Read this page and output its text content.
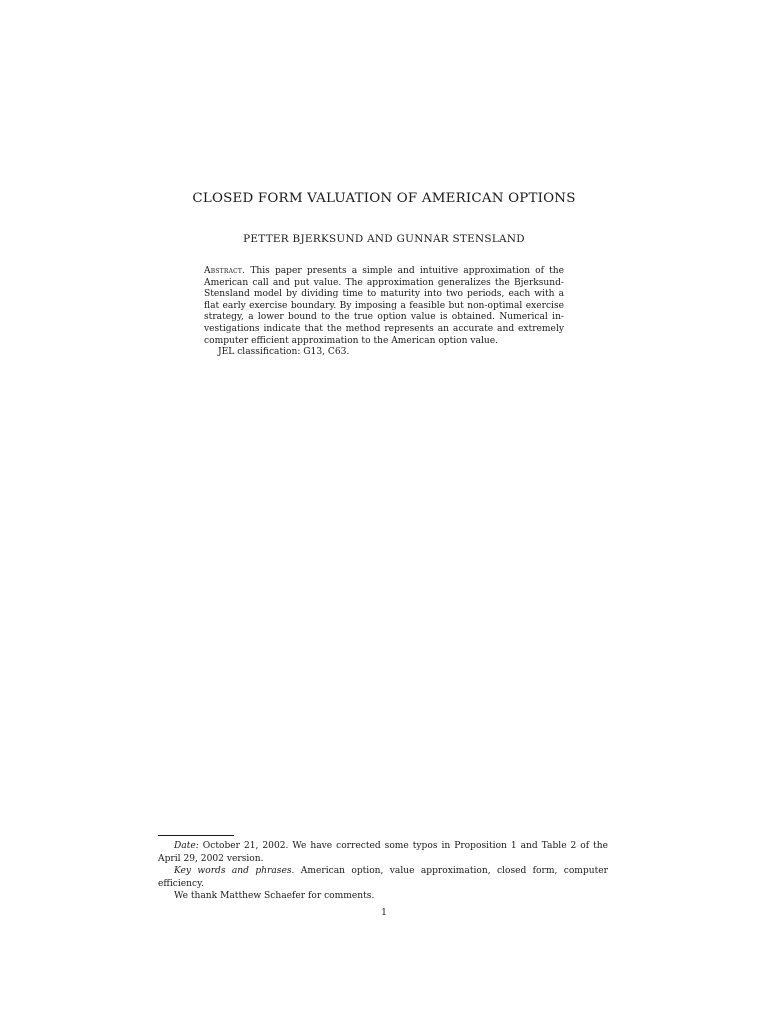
CLOSED FORM VALUATION OF AMERICAN OPTIONS

PETTER BJERKSUND AND GUNNAR STENSLAND

Abstract. This paper presents a simple and intuitive approximation of the
American call and put value. The approximation generalizes the Bjerksund-
Stensland model by dividing time to maturity into two periods, each with a
flat early exercise boundary. By imposing a feasible but non-optimal exercise
strategy, a lower bound to the true option value is obtained. Numerical in-
vestigations indicate that the method represents an accurate and extremely
computer efficient approximation to the American option value.
JEL classification: G13, C63.
Date: October 21, 2002. We have corrected some typos in Proposition 1 and Table 2 of the
April 29, 2002 version.
Key words and phrases. American option, value approximation, closed form, computer
efficiency.
We thank Matthew Schaefer for comments.

1
